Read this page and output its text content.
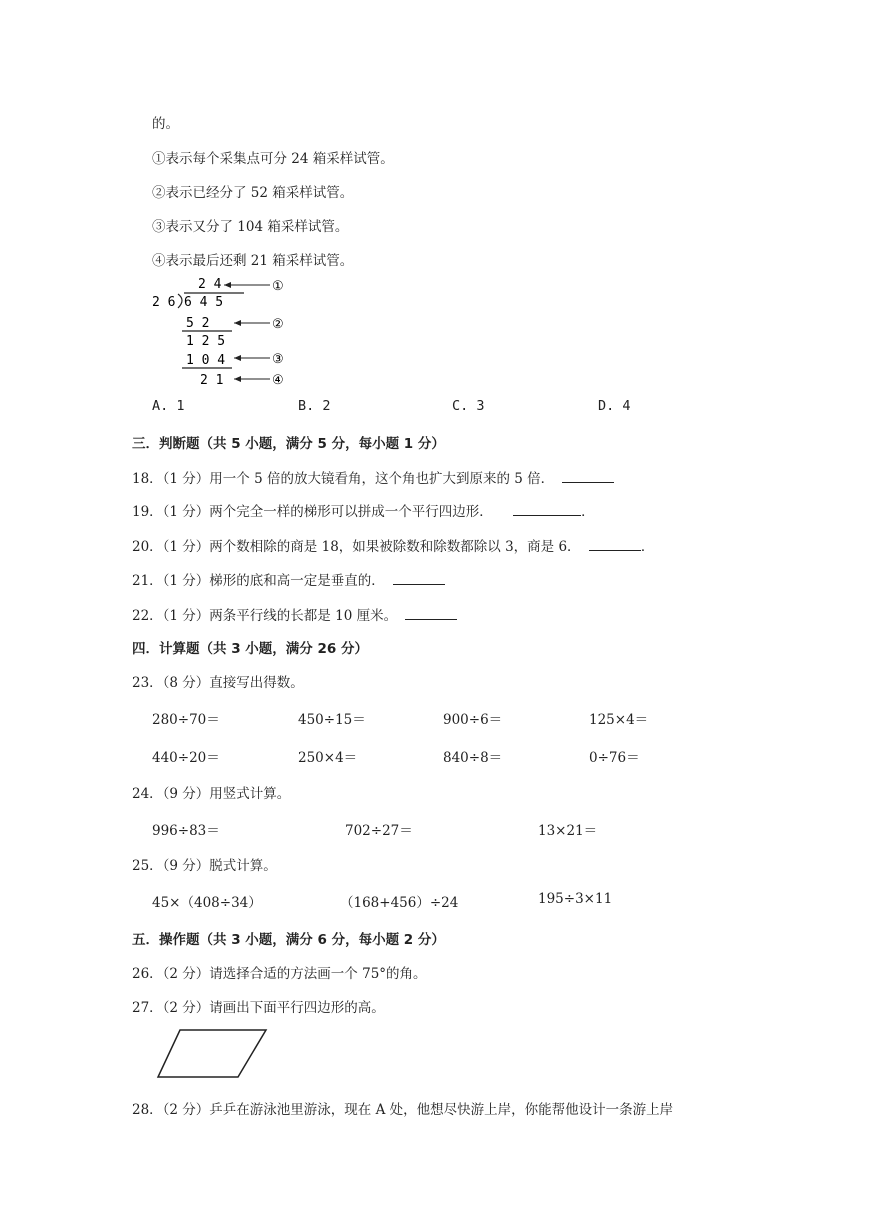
的。
①表示每个采集点可分 24 箱采样试管。
②表示已经分了 52 箱采样试管。
③表示又分了 104 箱采样试管。
④表示最后还剩 21 箱采样试管。
2 4
2 6 6 4 5
5 2
1 2 5
1 0 4
2 1
①
②
③
④
A. 1	B. 2	C. 3	D. 4
三．判断题（共 5 小题，满分 5 分，每小题 1 分）
18．（1 分）用一个 5 倍的放大镜看角，这个角也扩大到原来的 5 倍．
19．（1 分）两个完全一样的梯形可以拼成一个平行四边形．	．
20．（1 分）两个数相除的商是 18，如果被除数和除数都除以 3，商是 6．	．
21．（1 分）梯形的底和高一定是垂直的．
22．（1 分）两条平行线的长都是 10 厘米。
四．计算题（共 3 小题，满分 26 分）
23．（8 分）直接写出得数。
280÷70＝	450÷15＝	900÷6＝	125×4＝
440÷20＝	250×4＝	840÷8＝	0÷76＝
24．（9 分）用竖式计算。
996÷83＝	702÷27＝	13×21＝
25．（9 分）脱式计算。
45×（408÷34）	（168+456）÷24	195÷3×11
五．操作题（共 3 小题，满分 6 分，每小题 2 分）
26．（2 分）请选择合适的方法画一个 75°的角。
27．（2 分）请画出下面平行四边形的高。
28．（2 分）乒乒在游泳池里游泳，现在 A 处，他想尽快游上岸，你能帮他设计一条游上岸
